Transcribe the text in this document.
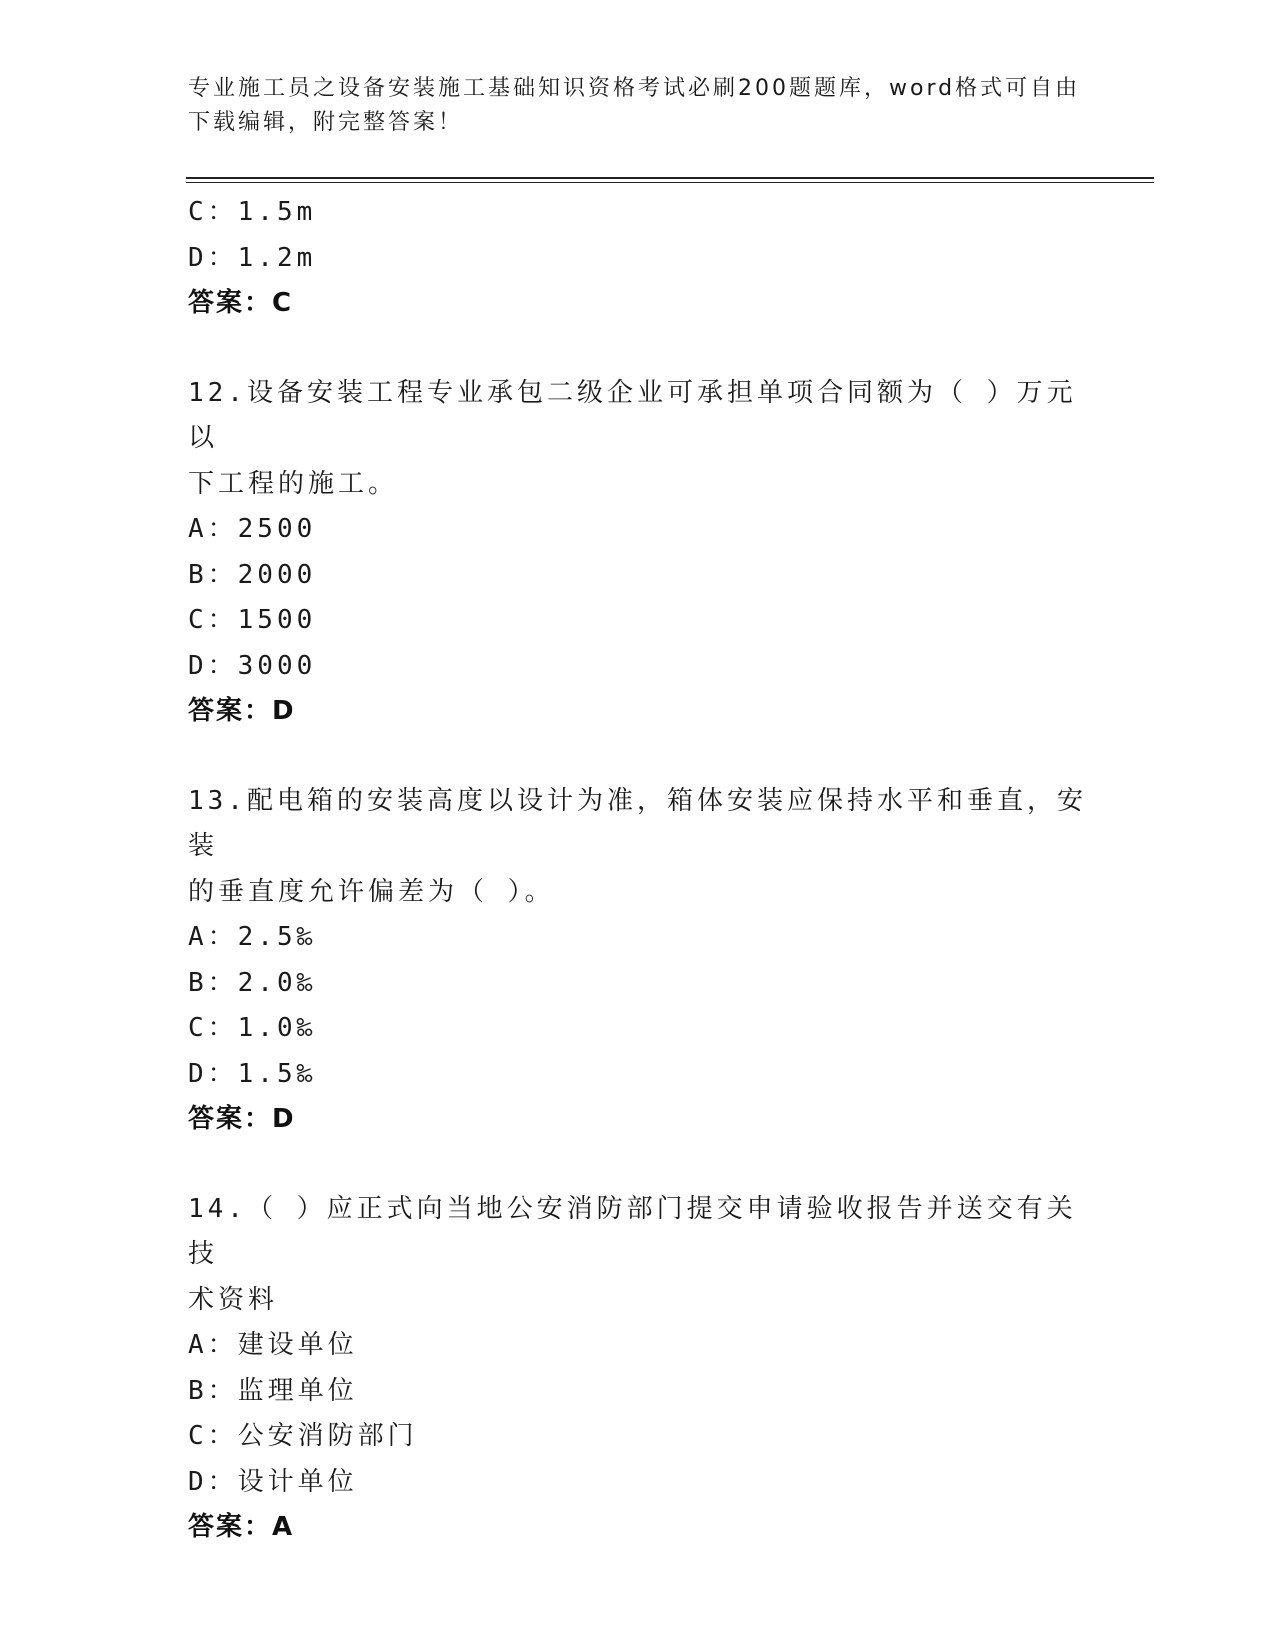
专业施工员之设备安装施工基础知识资格考试必刷200题题库，word格式可自由下载编辑，附完整答案！
C：1.5m
D：1.2m
答案：C
12.设备安装工程专业承包二级企业可承担单项合同额为（ ）万元以
下工程的施工。
A：2500
B：2000
C：1500
D：3000
答案：D
13.配电箱的安装高度以设计为准，箱体安装应保持水平和垂直，安装
的垂直度允许偏差为（ ）。
A：2.5‰
B：2.0‰
C：1.0‰
D：1.5‰
答案：D
14.（ ）应正式向当地公安消防部门提交申请验收报告并送交有关技
术资料
A：建设单位
B：监理单位
C：公安消防部门
D：设计单位
答案：A
